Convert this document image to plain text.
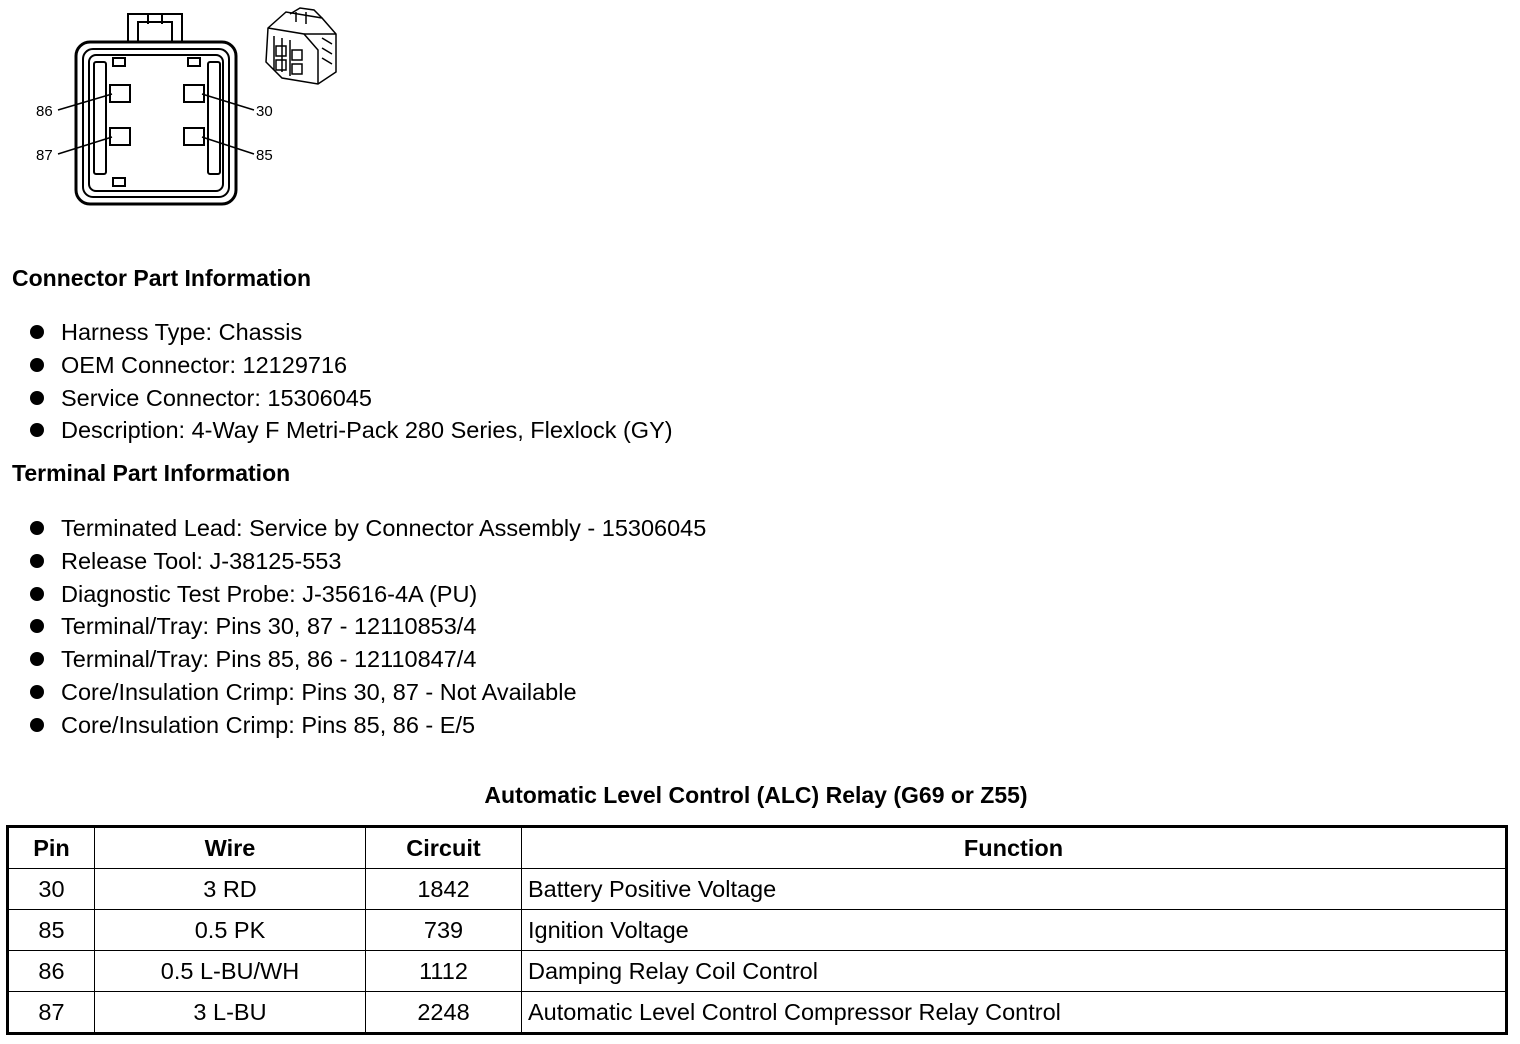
86
87
30
85
Connector Part Information
Harness Type: Chassis
OEM Connector: 12129716
Service Connector: 15306045
Description: 4-Way F Metri-Pack 280 Series, Flexlock (GY)
Terminal Part Information
Terminated Lead: Service by Connector Assembly - 15306045
Release Tool: J-38125-553
Diagnostic Test Probe: J-35616-4A (PU)
Terminal/Tray: Pins 30, 87 - 12110853/4
Terminal/Tray: Pins 85, 86 - 12110847/4
Core/Insulation Crimp: Pins 30, 87 - Not Available
Core/Insulation Crimp: Pins 85, 86 - E/5
Automatic Level Control (ALC) Relay (G69 or Z55)
Pin	Wire	Circuit	Function
30	3 RD	1842	Battery Positive Voltage
85	0.5 PK	739	Ignition Voltage
86	0.5 L-BU/WH	1112	Damping Relay Coil Control
87	3 L-BU	2248	Automatic Level Control Compressor Relay Control
